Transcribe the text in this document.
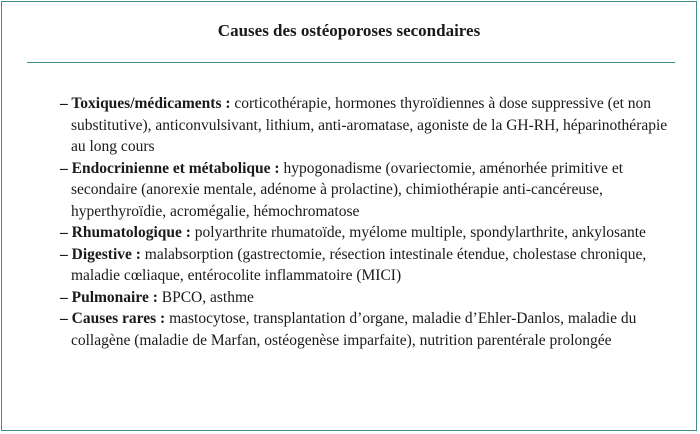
Causes des ostéoporoses secondaires
– Toxiques/médicaments : corticothérapie, hormones thyroïdiennes à dose suppressive (et non substitutive), anticonvulsivant, lithium, anti-aromatase, agoniste de la GH-RH, héparinothérapie au long cours
– Endocrinienne et métabolique : hypogonadisme (ovariectomie, aménorhée primitive et secondaire (anorexie mentale, adénome à prolactine), chimiothérapie anti-cancéreuse, hyperthyroïdie, acromégalie, hémochromatose
– Rhumatologique : polyarthrite rhumatoïde, myélome multiple, spondylarthrite, ankylosante
– Digestive : malabsorption (gastrectomie, résection intestinale étendue, cholestase chronique, maladie cœliaque, entérocolite inflammatoire (MICI)
– Pulmonaire : BPCO, asthme
– Causes rares : mastocytose, transplantation d’organe, maladie d’Ehler-Danlos, maladie du collagène (maladie de Marfan, ostéogenèse imparfaite), nutrition parentérale prolongée
